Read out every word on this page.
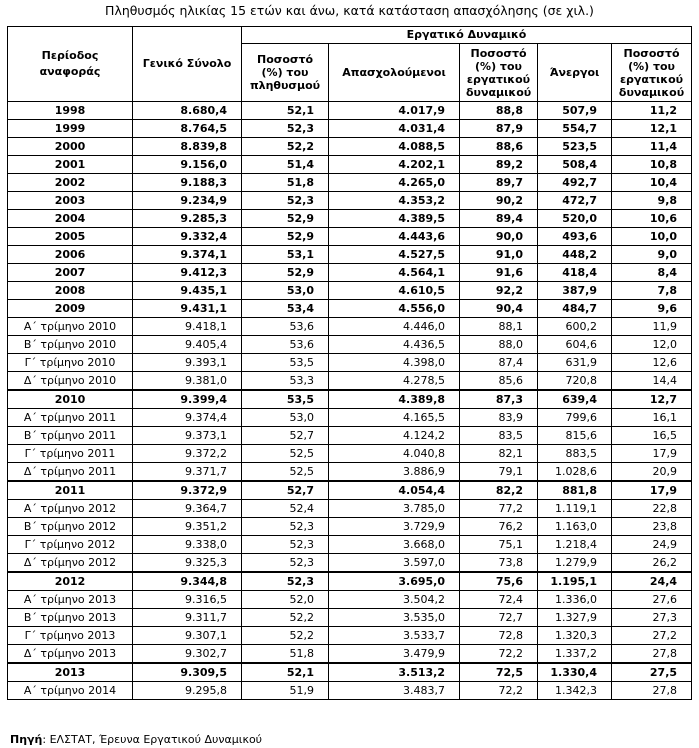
Πληθυσμός ηλικίας 15 ετών και άνω, κατά κατάσταση απασχόλησης (σε χιλ.)
Περίοδος αναφοράς	Γενικό Σύνολο	Εργατικό Δυναμικό				
		Ποσοστό (%) του πληθυσμού	Απασχολούμενοι	Ποσοστό (%) του εργατικού δυναμικού	Άνεργοι	Ποσοστό (%) του εργατικού δυναμικού
1998	8.680,4	52,1	4.017,9	88,8	507,9	11,2
1999	8.764,5	52,3	4.031,4	87,9	554,7	12,1
2000	8.839,8	52,2	4.088,5	88,6	523,5	11,4
2001	9.156,0	51,4	4.202,1	89,2	508,4	10,8
2002	9.188,3	51,8	4.265,0	89,7	492,7	10,4
2003	9.234,9	52,3	4.353,2	90,2	472,7	9,8
2004	9.285,3	52,9	4.389,5	89,4	520,0	10,6
2005	9.332,4	52,9	4.443,6	90,0	493,6	10,0
2006	9.374,1	53,1	4.527,5	91,0	448,2	9,0
2007	9.412,3	52,9	4.564,1	91,6	418,4	8,4
2008	9.435,1	53,0	4.610,5	92,2	387,9	7,8
2009	9.431,1	53,4	4.556,0	90,4	484,7	9,6
Α΄ τρίμηνο 2010	9.418,1	53,6	4.446,0	88,1	600,2	11,9
Β΄ τρίμηνο 2010	9.405,4	53,6	4.436,5	88,0	604,6	12,0
Γ΄ τρίμηνο 2010	9.393,1	53,5	4.398,0	87,4	631,9	12,6
Δ΄ τρίμηνο 2010	9.381,0	53,3	4.278,5	85,6	720,8	14,4
2010	9.399,4	53,5	4.389,8	87,3	639,4	12,7
Α΄ τρίμηνο 2011	9.374,4	53,0	4.165,5	83,9	799,6	16,1
Β΄ τρίμηνο 2011	9.373,1	52,7	4.124,2	83,5	815,6	16,5
Γ΄ τρίμηνο 2011	9.372,2	52,5	4.040,8	82,1	883,5	17,9
Δ΄ τρίμηνο 2011	9.371,7	52,5	3.886,9	79,1	1.028,6	20,9
2011	9.372,9	52,7	4.054,4	82,2	881,8	17,9
Α΄ τρίμηνο 2012	9.364,7	52,4	3.785,0	77,2	1.119,1	22,8
Β΄ τρίμηνο 2012	9.351,2	52,3	3.729,9	76,2	1.163,0	23,8
Γ΄ τρίμηνο 2012	9.338,0	52,3	3.668,0	75,1	1.218,4	24,9
Δ΄ τρίμηνο 2012	9.325,3	52,3	3.597,0	73,8	1.279,9	26,2
2012	9.344,8	52,3	3.695,0	75,6	1.195,1	24,4
Α΄ τρίμηνο 2013	9.316,5	52,0	3.504,2	72,4	1.336,0	27,6
Β΄ τρίμηνο 2013	9.311,7	52,2	3.535,0	72,7	1.327,9	27,3
Γ΄ τρίμηνο 2013	9.307,1	52,2	3.533,7	72,8	1.320,3	27,2
Δ΄ τρίμηνο 2013	9.302,7	51,8	3.479,9	72,2	1.337,2	27,8
2013	9.309,5	52,1	3.513,2	72,5	1.330,4	27,5
Α΄ τρίμηνο 2014	9.295,8	51,9	3.483,7	72,2	1.342,3	27,8
Πηγή: ΕΛΣΤΑΤ, Έρευνα Εργατικού Δυναμικού
